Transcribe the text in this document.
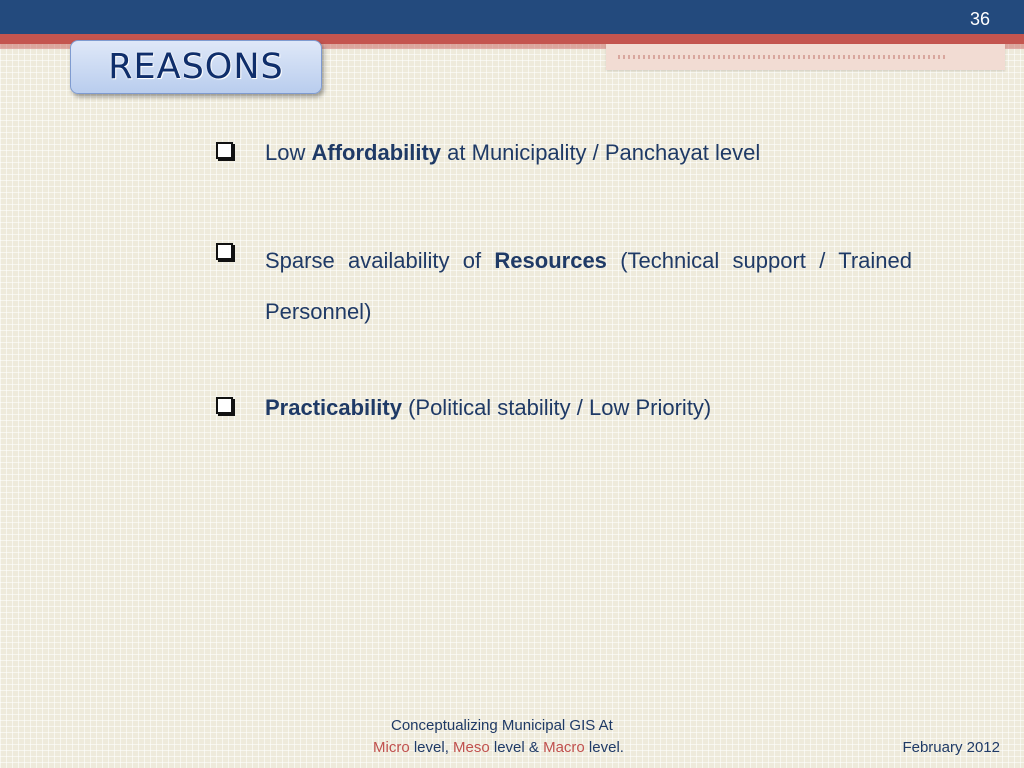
36
REASONS
Low Affordability at Municipality / Panchayat level
Sparse availability of Resources (Technical support / Trained Personnel)
Practicability (Political stability / Low Priority)
Conceptualizing Municipal GIS At
Micro level, Meso level & Macro level.	February 2012
